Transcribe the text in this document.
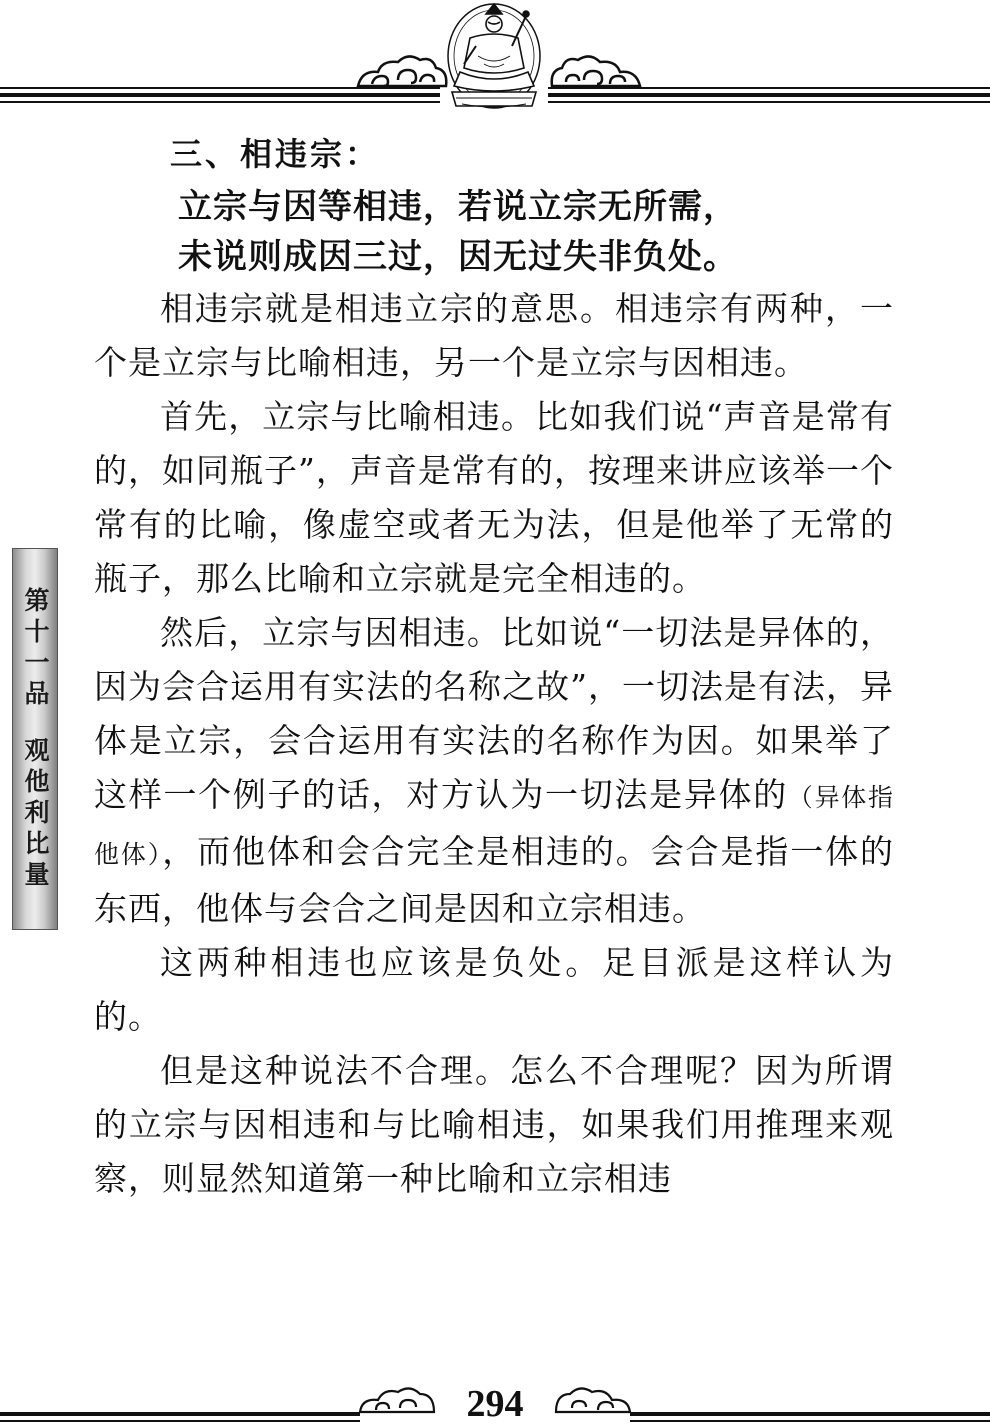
第十一品
观他利比量
三、相违宗：
立宗与因等相违，若说立宗无所需，
未说则成因三过，因无过失非负处。

相违宗就是相违立宗的意思。相违宗有两种，一个是立宗与比喻相违，另一个是立宗与因相违。

首先，立宗与比喻相违。比如我们说“声音是常有的，如同瓶子”，声音是常有的，按理来讲应该举一个常有的比喻，像虚空或者无为法，但是他举了无常的瓶子，那么比喻和立宗就是完全相违的。

然后，立宗与因相违。比如说“一切法是异体的，因为会合运用有实法的名称之故”，一切法是有法，异体是立宗，会合运用有实法的名称作为因。如果举了这样一个例子的话，对方认为一切法是异体的（异体指他体），而他体和会合完全是相违的。会合是指一体的东西，他体与会合之间是因和立宗相违。

这两种相违也应该是负处。足目派是这样认为的。

但是这种说法不合理。怎么不合理呢？因为所谓的立宗与因相违和与比喻相违，如果我们用推理来观察，则显然知道第一种比喻和立宗相违

294
